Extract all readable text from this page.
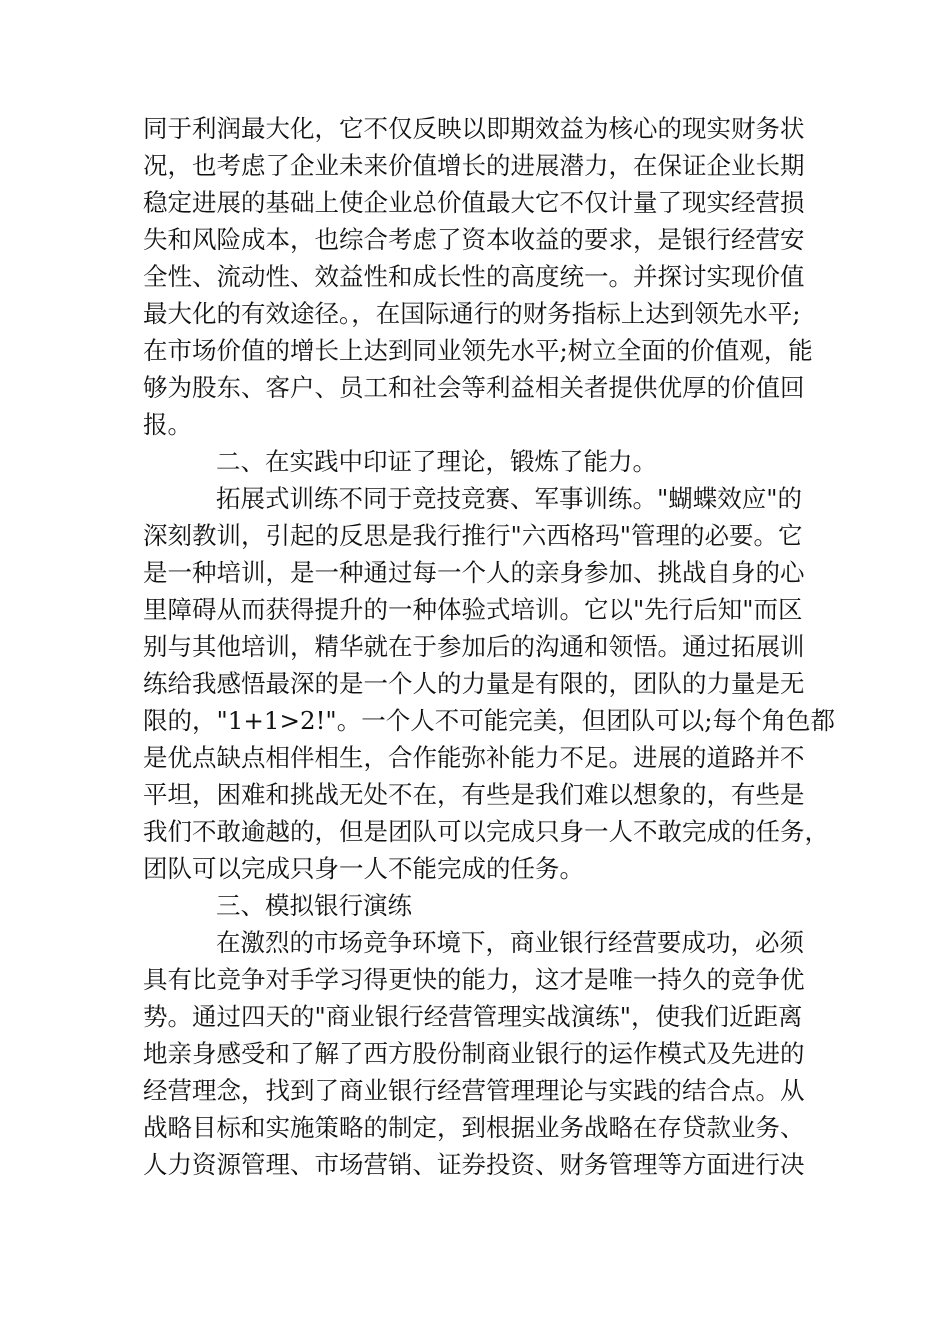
同于利润最大化，它不仅反映以即期效益为核心的现实财务状
况，也考虑了企业未来价值增长的进展潜力，在保证企业长期
稳定进展的基础上使企业总价值最大它不仅计量了现实经营损
失和风险成本，也综合考虑了资本收益的要求，是银行经营安
全性、流动性、效益性和成长性的高度统一。并探讨实现价值
最大化的有效途径。，在国际通行的财务指标上达到领先水平;
在市场价值的增长上达到同业领先水平;树立全面的价值观，能
够为股东、客户、员工和社会等利益相关者提供优厚的价值回
报。
二、在实践中印证了理论，锻炼了能力。
拓展式训练不同于竞技竞赛、军事训练。"蝴蝶效应"的
深刻教训，引起的反思是我行推行"六西格玛"管理的必要。它
是一种培训，是一种通过每一个人的亲身参加、挑战自身的心
里障碍从而获得提升的一种体验式培训。它以"先行后知"而区
别与其他培训，精华就在于参加后的沟通和领悟。通过拓展训
练给我感悟最深的是一个人的力量是有限的，团队的力量是无
限的，"1+1>2!"。一个人不可能完美，但团队可以;每个角色都
是优点缺点相伴相生，合作能弥补能力不足。进展的道路并不
平坦，困难和挑战无处不在，有些是我们难以想象的，有些是
我们不敢逾越的，但是团队可以完成只身一人不敢完成的任务，
团队可以完成只身一人不能完成的任务。
三、模拟银行演练
在激烈的市场竞争环境下，商业银行经营要成功，必须
具有比竞争对手学习得更快的能力，这才是唯一持久的竞争优
势。通过四天的"商业银行经营管理实战演练"，使我们近距离
地亲身感受和了解了西方股份制商业银行的运作模式及先进的
经营理念，找到了商业银行经营管理理论与实践的结合点。从
战略目标和实施策略的制定，到根据业务战略在存贷款业务、
人力资源管理、市场营销、证券投资、财务管理等方面进行决
